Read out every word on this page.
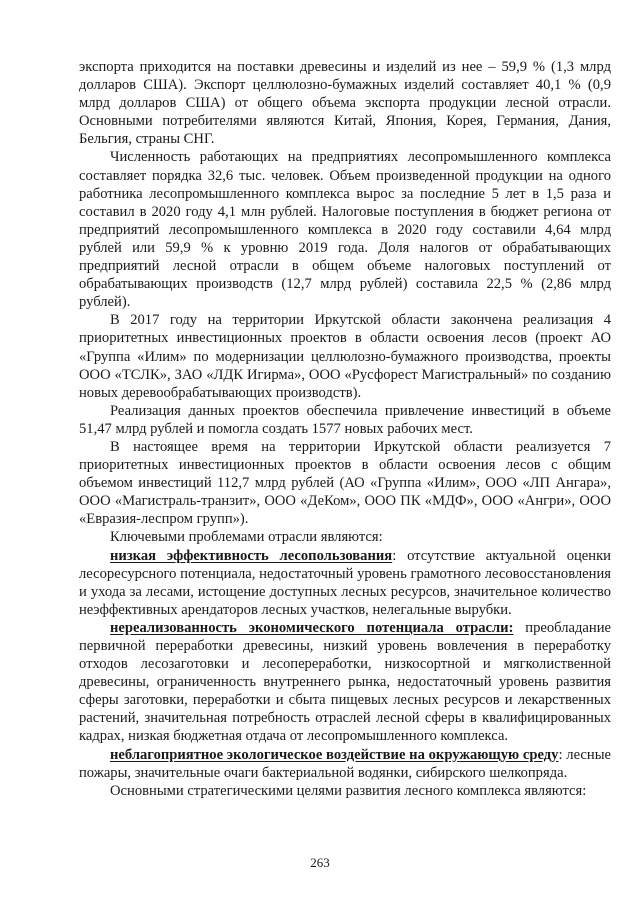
экспорта приходится на поставки древесины и изделий из нее – 59,9 % (1,3 млрд долларов США). Экспорт целлюлозно-бумажных изделий составляет 40,1 % (0,9 млрд долларов США) от общего объема экспорта продукции лесной отрасли. Основными потребителями являются Китай, Япония, Корея, Германия, Дания, Бельгия, страны СНГ.

Численность работающих на предприятиях лесопромышленного комплекса составляет порядка 32,6 тыс. человек. Объем произведенной продукции на одного работника лесопромышленного комплекса вырос за последние 5 лет в 1,5 раза и составил в 2020 году 4,1 млн рублей. Налоговые поступления в бюджет региона от предприятий лесопромышленного комплекса в 2020 году составили 4,64 млрд рублей или 59,9 % к уровню 2019 года. Доля налогов от обрабатывающих предприятий лесной отрасли в общем объеме налоговых поступлений от обрабатывающих производств (12,7 млрд рублей) составила 22,5 % (2,86 млрд рублей).

В 2017 году на территории Иркутской области закончена реализация 4 приоритетных инвестиционных проектов в области освоения лесов (проект АО «Группа «Илим» по модернизации целлюлозно-бумажного производства, проекты ООО «ТСЛК», ЗАО «ЛДК Игирма», ООО «Русфорест Магистральный» по созданию новых деревообрабатывающих производств).

Реализация данных проектов обеспечила привлечение инвестиций в объеме 51,47 млрд рублей и помогла создать 1577 новых рабочих мест.

В настоящее время на территории Иркутской области реализуется 7 приоритетных инвестиционных проектов в области освоения лесов с общим объемом инвестиций 112,7 млрд рублей (АО «Группа «Илим», ООО «ЛП Ангара», ООО «Магистраль-транзит», ООО «ДеКом», ООО ПК «МДФ», ООО «Ангри», ООО «Евразия-леспром групп»).

Ключевыми проблемами отрасли являются:

низкая эффективность лесопользования: отсутствие актуальной оценки лесоресурсного потенциала, недостаточный уровень грамотного лесовосстановления и ухода за лесами, истощение доступных лесных ресурсов, значительное количество неэффективных арендаторов лесных участков, нелегальные вырубки.

нереализованность экономического потенциала отрасли: преобладание первичной переработки древесины, низкий уровень вовлечения в переработку отходов лесозаготовки и лесопереработки, низкосортной и мягколиственной древесины, ограниченность внутреннего рынка, недостаточный уровень развития сферы заготовки, переработки и сбыта пищевых лесных ресурсов и лекарственных растений, значительная потребность отраслей лесной сферы в квалифицированных кадрах, низкая бюджетная отдача от лесопромышленного комплекса.

неблагоприятное экологическое воздействие на окружающую среду: лесные пожары, значительные очаги бактериальной водянки, сибирского шелкопряда.

Основными стратегическими целями развития лесного комплекса являются:

263
